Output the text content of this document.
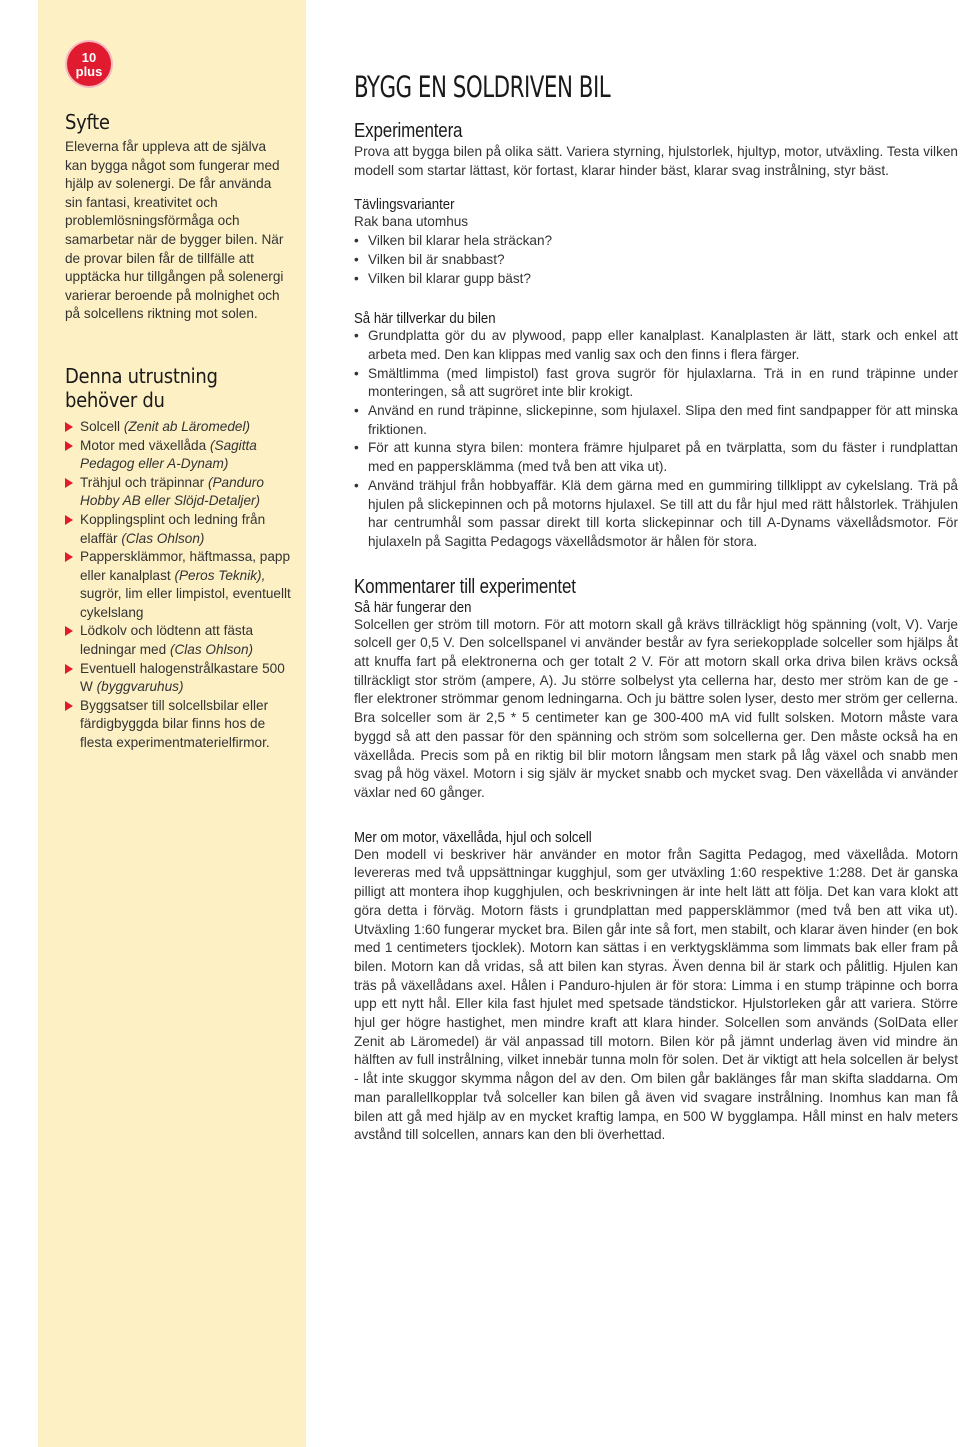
10
plus
Syfte

Eleverna får uppleva att de själva kan bygga något som fungerar med hjälp av solenergi. De får använda sin fantasi, kreativitet och problemlösningsförmåga och samarbetar när de bygger bilen. När de provar bilen får de tillfälle att upptäcka hur tillgången på solenergi varierar beroende på molnighet och på solcellens riktning mot solen.

Denna utrustning behöver du
Solcell (Zenit ab Läromedel)
Motor med växellåda (Sagitta Pedagog eller A-Dynam)
Trähjul och träpinnar (Panduro Hobby AB eller Slöjd-Detaljer)
Kopplingsplint och ledning från elaffär (Clas Ohlson)
Pappersklämmor, häftmassa, papp eller kanalplast (Peros Teknik), sugrör, lim eller limpistol, eventuellt cykelslang
Lödkolv och lödtenn att fästa ledningar med (Clas Ohlson)
Eventuell halogenstrålkastare 500 W (byggvaruhus)
Byggsatser till solcellsbilar eller färdigbyggda bilar finns hos de flesta experimentmaterielfirmor.
BYGG EN SOLDRIVEN BIL
Experimentera

Prova att bygga bilen på olika sätt. Variera styrning, hjulstorlek, hjultyp, motor, utväxling. Testa vilken modell som startar lättast, kör fortast, klarar hinder bäst, klarar svag instrålning, styr bäst.

Tävlingsvarianter

Rak bana utomhus

• Vilken bil klarar hela sträckan?
• Vilken bil är snabbast?
• Vilken bil klarar gupp bäst?
Så här tillverkar du bilen
• Grundplatta gör du av plywood, papp eller kanalplast. Kanalplasten är lätt, stark och enkel att arbeta med. Den kan klippas med vanlig sax och den finns i flera färger.
• Smältlimma (med limpistol) fast grova sugrör för hjulaxlarna. Trä in en rund träpinne under monteringen, så att sugröret inte blir krokigt.
• Använd en rund träpinne, slickepinne, som hjulaxel. Slipa den med fint sandpapper för att minska friktionen.
• För att kunna styra bilen: montera främre hjulparet på en tvärplatta, som du fäster i rundplattan med en pappersklämma (med två ben att vika ut).
• Använd trähjul från hobbyaffär. Klä dem gärna med en gummiring tillklippt av cykelslang. Trä på hjulen på slickepinnen och på motorns hjulaxel. Se till att du får hjul med rätt hålstorlek. Trähjulen har centrumhål som passar direkt till korta slickepinnar och till A-Dynams växellådsmotor. För hjulaxeln på Sagitta Pedagogs växellådsmotor är hålen för stora.
Kommentarer till experimentet
Så här fungerar den

Solcellen ger ström till motorn. För att motorn skall gå krävs tillräckligt hög spänning (volt, V). Varje solcell ger 0,5 V. Den solcellspanel vi använder består av fyra seriekopplade solceller som hjälps åt att knuffa fart på elektronerna och ger totalt 2 V. För att motorn skall orka driva bilen krävs också tillräckligt stor ström (ampere, A). Ju större solbelyst yta cellerna har, desto mer ström kan de ge - fler elektroner strömmar genom ledningarna. Och ju bättre solen lyser, desto mer ström ger cellerna. Bra solceller som är 2,5 * 5 centimeter kan ge 300-400 mA vid fullt solsken. Motorn måste vara byggd så att den passar för den spänning och ström som solcellerna ger. Den måste också ha en växellåda. Precis som på en riktig bil blir motorn långsam men stark på låg växel och snabb men svag på hög växel. Motorn i sig själv är mycket snabb och mycket svag. Den växellåda vi använder växlar ned 60 gånger.

Mer om motor, växellåda, hjul och solcell

Den modell vi beskriver här använder en motor från Sagitta Pedagog, med växellåda. Motorn levereras med två uppsättningar kugghjul, som ger utväxling 1:60 respektive 1:288. Det är ganska pilligt att montera ihop kugghjulen, och beskrivningen är inte helt lätt att följa. Det kan vara klokt att göra detta i förväg. Motorn fästs i grundplattan med pappersklämmor (med två ben att vika ut). Utväxling 1:60 fungerar mycket bra. Bilen går inte så fort, men stabilt, och klarar även hinder (en bok med 1 centimeters tjocklek). Motorn kan sättas i en verktygsklämma som limmats bak eller fram på bilen. Motorn kan då vridas, så att bilen kan styras. Även denna bil är stark och pålitlig. Hjulen kan träs på växellådans axel. Hålen i Panduro-hjulen är för stora: Limma i en stump träpinne och borra upp ett nytt hål. Eller kila fast hjulet med spetsade tändstickor. Hjulstorleken går att variera. Större hjul ger högre hastighet, men mindre kraft att klara hinder. Solcellen som används (SolData eller Zenit ab Läromedel) är väl anpassad till motorn. Bilen kör på jämnt underlag även vid mindre än hälften av full instrålning, vilket innebär tunna moln för solen. Det är viktigt att hela solcellen är belyst - låt inte skuggor skymma någon del av den. Om bilen går baklänges får man skifta sladdarna. Om man parallellkopplar två solceller kan bilen gå även vid svagare instrålning. Inomhus kan man få bilen att gå med hjälp av en mycket kraftig lampa, en 500 W bygglampa. Håll minst en halv meters avstånd till solcellen, annars kan den bli överhettad.
